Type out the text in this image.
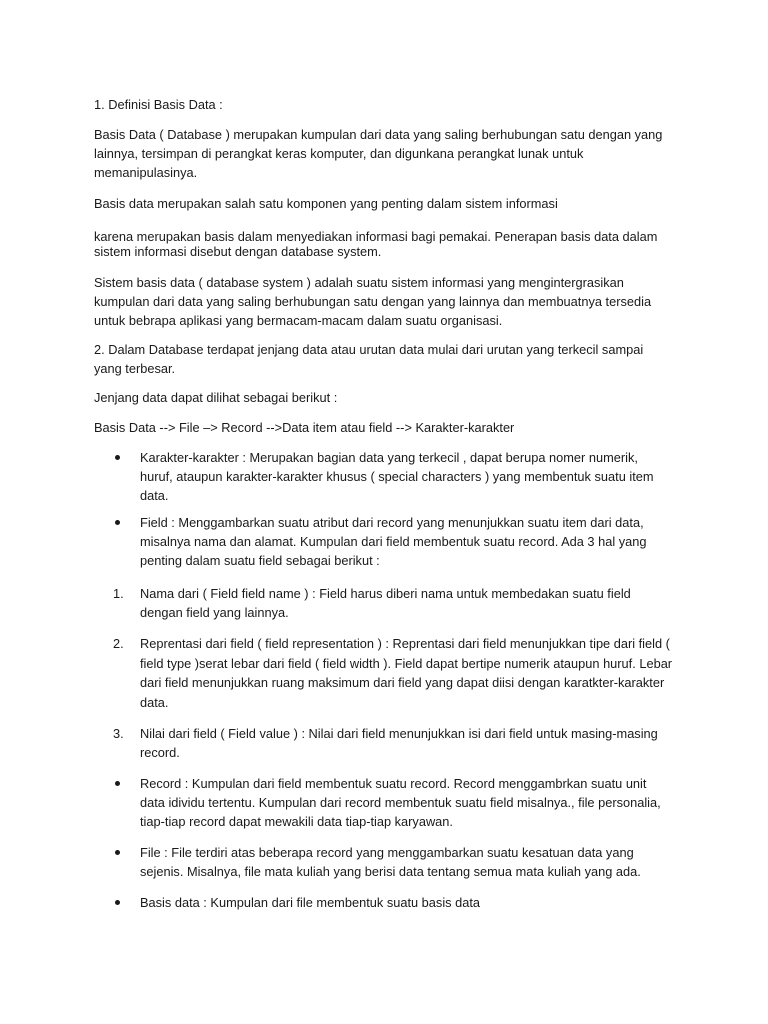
1. Definisi Basis Data :

Basis Data ( Database ) merupakan kumpulan dari data yang saling berhubungan satu dengan yang lainnya, tersimpan di perangkat keras komputer, dan digunkana perangkat lunak untuk memanipulasinya.

Basis data merupakan salah satu komponen yang penting dalam sistem informasi

karena merupakan basis dalam menyediakan informasi bagi pemakai. Penerapan basis data dalam sistem informasi disebut dengan database system.

Sistem basis data ( database system ) adalah suatu sistem informasi yang mengintergrasikan kumpulan dari data yang saling berhubungan satu dengan yang lainnya dan membuatnya tersedia untuk bebrapa aplikasi yang bermacam-macam dalam suatu organisasi.

2. Dalam Database terdapat jenjang data atau urutan data mulai dari urutan yang terkecil sampai yang terbesar.

Jenjang data dapat dilihat sebagai berikut :

Basis Data --> File –> Record -->Data item atau field --> Karakter-karakter

Karakter-karakter : Merupakan bagian data yang terkecil , dapat berupa nomer numerik, huruf, ataupun karakter-karakter khusus ( special characters ) yang membentuk suatu item data.
Field : Menggambarkan suatu atribut dari record yang menunjukkan suatu item dari data, misalnya nama dan alamat. Kumpulan dari field membentuk suatu record. Ada 3 hal yang penting dalam suatu field sebagai berikut :
1. Nama dari ( Field field name ) : Field harus diberi nama untuk membedakan suatu field dengan field yang lainnya.
2. Reprentasi dari field ( field representation ) : Reprentasi dari field menunjukkan tipe dari field ( field type )serat lebar dari field ( field width ). Field dapat bertipe numerik ataupun huruf. Lebar dari field menunjukkan ruang maksimum dari field yang dapat diisi dengan karatkter-karakter data.
3. Nilai dari field ( Field value ) : Nilai dari field menunjukkan isi dari field untuk masing-masing record.
Record : Kumpulan dari field membentuk suatu record. Record menggambrkan suatu unit data idividu tertentu. Kumpulan dari record membentuk suatu field misalnya., file personalia, tiap-tiap record dapat mewakili data tiap-tiap karyawan.
File : File terdiri atas beberapa record yang menggambarkan suatu kesatuan data yang sejenis. Misalnya, file mata kuliah yang berisi data tentang semua mata kuliah yang ada.
Basis data : Kumpulan dari file membentuk suatu basis data
